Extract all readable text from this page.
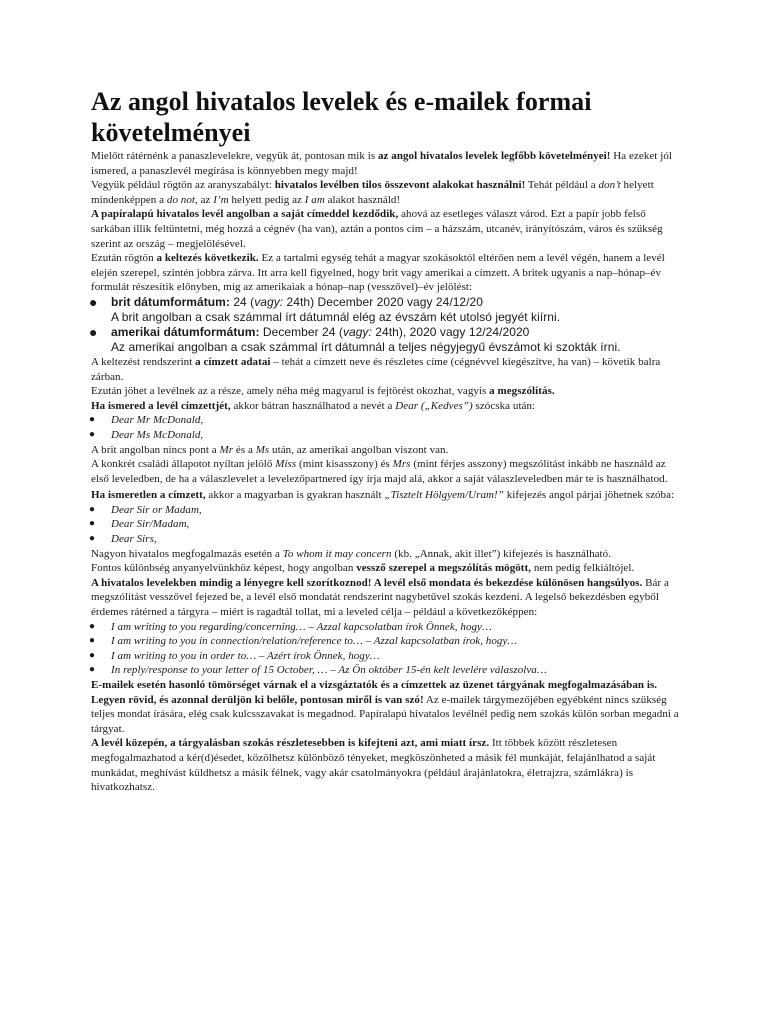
Az angol hivatalos levelek és e-mailek formai követelményei

Mielőtt rátérnénk a panaszlevelekre, vegyük át, pontosan mik is az angol hivatalos levelek legfőbb követelményei! Ha ezeket jól ismered, a panaszlevél megírása is könnyebben megy majd!

Vegyük például rögtön az aranyszabályt: hivatalos levélben tilos összevont alakokat használni! Tehát például a don’t helyett mindenképpen a do not, az I’m helyett pedig az I am alakot használd!

A papíralapú hivatalos levél angolban a saját címeddel kezdődik, ahová az esetleges választ várod. Ezt a papír jobb felső sarkában illik feltüntetni, még hozzá a cégnév (ha van), aztán a pontos cím – a házszám, utcanév, irányítószám, város és szükség szerint az ország – megjelölésével.

Ezután rögtön a keltezés következik. Ez a tartalmi egység tehát a magyar szokásoktól eltérően nem a levél végén, hanem a levél elején szerepel, szintén jobbra zárva. Itt arra kell figyelned, hogy brit vagy amerikai a címzett. A britek ugyanis a nap–hónap–év formulát részesítik előnyben, míg az amerikaiak a hónap–nap (vesszővel)–év jelölést:

● brit dátumformátum: 24 (vagy: 24th) December 2020 vagy 24/12/20
A brit angolban a csak számmal írt dátumnál elég az évszám két utolsó jegyét kiírni.
● amerikai dátumformátum: December 24 (vagy: 24th), 2020 vagy 12/24/2020
Az amerikai angolban a csak számmal írt dátumnál a teljes négyjegyű évszámot ki szokták írni.

A keltezést rendszerint a címzett adatai – tehát a címzett neve és részletes címe (cégnévvel kiegészítve, ha van) – követik balra zárban.

Ezután jöhet a levélnek az a része, amely néha még magyarul is fejtörést okozhat, vagyis a megszólítás.

Ha ismered a levél címzettjét, akkor bátran használhatod a nevét a Dear („Kedves”) szócska után:

● Dear Mr McDonald,
● Dear Ms McDonald,

A brit angolban nincs pont a Mr és a Ms után, az amerikai angolban viszont van.

A konkrét családi állapotot nyíltan jelölő Miss (mint kisasszony) és Mrs (mint férjes asszony) megszólítást inkább ne használd az első leveledben, de ha a válaszlevelet a levelezőpartnered így írja majd alá, akkor a saját válaszleveledben már te is használhatod.

Ha ismeretlen a címzett, akkor a magyarban is gyakran használt „Tisztelt Hölgyem/Uram!” kifejezés angol párjai jöhetnek szóba:

● Dear Sir or Madam,
● Dear Sir/Madam,
● Dear Sirs,

Nagyon hivatalos megfogalmazás esetén a To whom it may concern (kb. „Annak, akit illet”) kifejezés is használható.

Fontos különbség anyanyelvünkhöz képest, hogy angolban vessző szerepel a megszólítás mögött, nem pedig felkiáltójel.

A hivatalos levelekben mindig a lényegre kell szorítkoznod! A levél első mondata és bekezdése különösen hangsúlyos. Bár a megszólítást vesszővel fejezed be, a levél első mondatát rendszerint nagybetűvel szokás kezdeni. A legelső bekezdésben egyből érdemes rátérned a tárgyra – miért is ragadtál tollat, mi a leveled célja – például a következőképpen:

● I am writing to you regarding/concerning… – Azzal kapcsolatban írok Önnek, hogy…
● I am writing to you in connection/relation/reference to… – Azzal kapcsolatban írok, hogy…
● I am writing to you in order to… – Azért írok Önnek, hogy…
● In reply/response to your letter of 15 October, … – Az Ön október 15-én kelt levelére válaszolva…

E-mailek esetén hasonló tömörséget várnak el a vizsgáztatók és a címzettek az üzenet tárgyának megfogalmazásában is. Legyen rövid, és azonnal derüljön ki belőle, pontosan miről is van szó! Az e-mailek tárgymezőjében egyébként nincs szükség teljes mondat írására, elég csak kulcsszavakat is megadnod. Papíralapú hivatalos levélnél pedig nem szokás külön sorban megadni a tárgyat.

A levél közepén, a tárgyalásban szokás részletesebben is kifejteni azt, ami miatt írsz. Itt többek között részletesen megfogalmazhatod a kér(d)ésedet, közölhetsz különböző tényeket, megköszönheted a másik fél munkáját, felajánlhatod a saját munkádat, meghívást küldhetsz a másik félnek, vagy akár csatolmányokra (például árajánlatokra, életrajzra, számlákra) is hivatkozhatsz.
